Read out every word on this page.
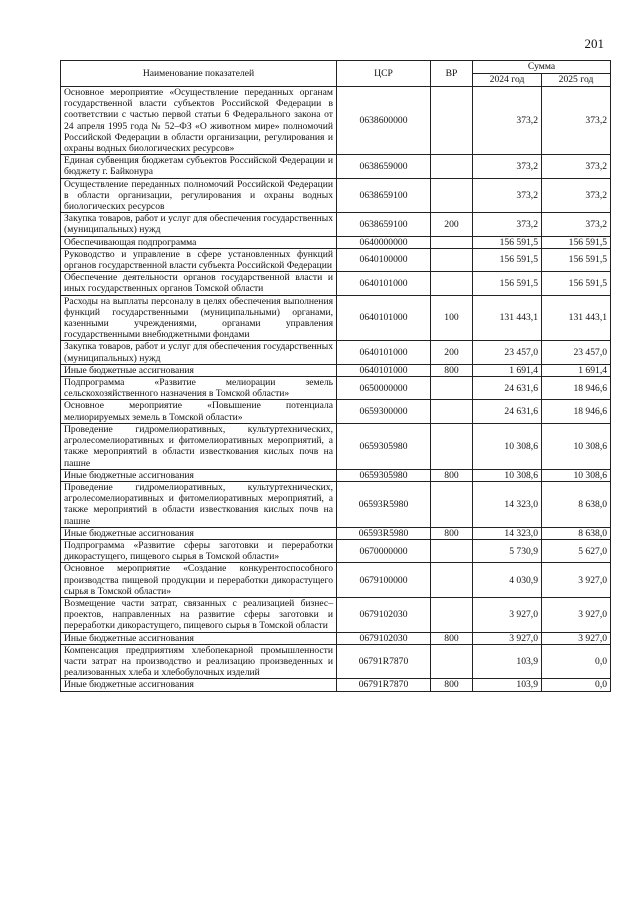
201
Наименование показателей	ЦСР	ВР	Сумма	
			2024 год	2025 год
Основное мероприятие «Осуществление переданных органам государственной власти субъектов Российской Федерации в соответствии с частью первой статьи 6 Федерального закона от 24 апреля 1995 года № 52–ФЗ «О животном мире» полномочий Российской Федерации в области организации, регулирования и охраны водных биологических ресурсов»	0638600000		373,2	373,2
Единая субвенция бюджетам субъектов Российской Федерации и бюджету г. Байконура	0638659000		373,2	373,2
Осуществление переданных полномочий Российской Федерации в области организации, регулирования и охраны водных биологических ресурсов	0638659100		373,2	373,2
Закупка товаров, работ и услуг для обеспечения государственных (муниципальных) нужд	0638659100	200	373,2	373,2
Обеспечивающая подпрограмма	0640000000		156 591,5	156 591,5
Руководство и управление в сфере установленных функций органов государственной власти субъекта Российской Федерации	0640100000		156 591,5	156 591,5
Обеспечение деятельности органов государственной власти и иных государственных органов Томской области	0640101000		156 591,5	156 591,5
Расходы на выплаты персоналу в целях обеспечения выполнения функций государственными (муниципальными) органами, казенными учреждениями, органами управления государственными внебюджетными фондами	0640101000	100	131 443,1	131 443,1
Закупка товаров, работ и услуг для обеспечения государственных (муниципальных) нужд	0640101000	200	23 457,0	23 457,0
Иные бюджетные ассигнования	0640101000	800	1 691,4	1 691,4
Подпрограмма «Развитие мелиорации земель сельскохозяйственного назначения в Томской области»	0650000000		24 631,6	18 946,6
Основное мероприятие «Повышение потенциала мелиорируемых земель в Томской области»	0659300000		24 631,6	18 946,6
Проведение гидромелиоративных, культуртехнических, агролесомелиоративных и фитомелиоративных мероприятий, а также мероприятий в области известкования кислых почв на пашне	0659305980		10 308,6	10 308,6
Иные бюджетные ассигнования	0659305980	800	10 308,6	10 308,6
Проведение гидромелиоративных, культуртехнических, агролесомелиоративных и фитомелиоративных мероприятий, а также мероприятий в области известкования кислых почв на пашне	06593R5980		14 323,0	8 638,0
Иные бюджетные ассигнования	06593R5980	800	14 323,0	8 638,0
Подпрограмма «Развитие сферы заготовки и переработки дикорастущего, пищевого сырья в Томской области»	0670000000		5 730,9	5 627,0
Основное мероприятие «Создание конкурентоспособного производства пищевой продукции и переработки дикорастущего сырья в Томской области»	0679100000		4 030,9	3 927,0
Возмещение части затрат, связанных с реализацией бизнес–проектов, направленных на развитие сферы заготовки и переработки дикорастущего, пищевого сырья в Томской области	0679102030		3 927,0	3 927,0
Иные бюджетные ассигнования	0679102030	800	3 927,0	3 927,0
Компенсация предприятиям хлебопекарной промышленности части затрат на производство и реализацию произведенных и реализованных хлеба и хлебобулочных изделий	06791R7870		103,9	0,0
Иные бюджетные ассигнования	06791R7870	800	103,9	0,0
